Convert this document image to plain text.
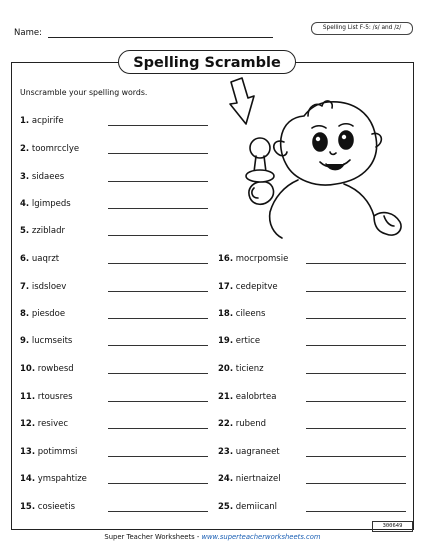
Name:	Spelling List F-5: /s/ and /z/
Spelling Scramble
Unscramble your spelling words.
1. acpirife
2. toomrcclye
3. sidaees
4. lgimpeds
5. zzibladr
6. uaqrzt
7. isdsloev
8. piesdoe
9. lucmseits
10. rowbesd
11. rtousres
12. resivec
13. potimmsi
14. ymspahtize
15. cosieetis
16. mocrpomsie
17. cedepitve
18. cileens
19. ertice
20. ticienz
21. ealobrtea
22. rubend
23. uagraneet
24. niertnaizel
25. demiicanl
300649
Super Teacher Worksheets - www.superteacherworksheets.com
